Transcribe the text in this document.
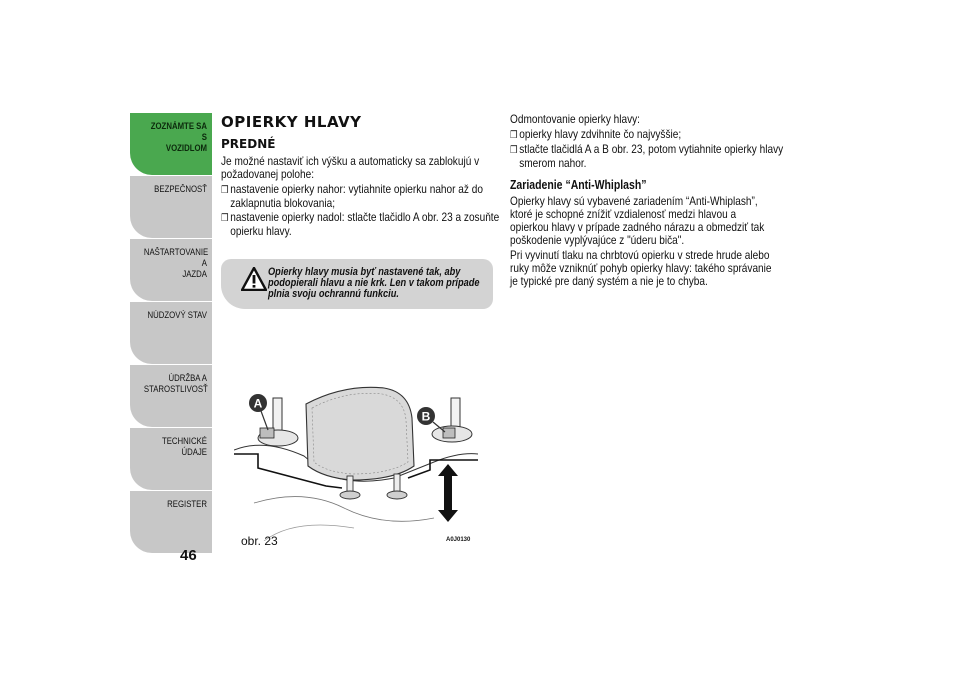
ZOZNÁMTE SA S
VOZIDLOM
BEZPEČNOSŤ
NAŠTARTOVANIE A
JAZDA
NÚDZOVÝ STAV
ÚDRŽBA A
STAROSTLIVOSŤ
TECHNICKÉ ÚDAJE
REGISTER
46
OPIERKY HLAVY
PREDNÉ

Je možné nastaviť ich výšku a automaticky sa zablokujú v požadovanej polohe:

❒ nastavenie opierky nahor: vytiahnite opierku nahor až do zaklapnutia blokovania;
❒ nastavenie opierky nadol: stlačte tlačidlo A obr. 23 a zosuňte opierku hlavy.
Opierky hlavy musia byť nastavené tak, aby podopierali hlavu a nie krk. Len v takom prípade plnia svoju ochrannú funkciu.

Odmontovanie opierky hlavy:

❒ opierky hlavy zdvihnite čo najvyššie;
❒ stlačte tlačidlá A a B obr. 23, potom vytiahnite opierky hlavy smerom nahor.
Zariadenie “Anti-Whiplash”

Opierky hlavy sú vybavené zariadením “Anti-Whiplash”, ktoré je schopné znížiť vzdialenosť medzi hlavou a opierkou hlavy v prípade zadného nárazu a obmedziť tak poškodenie vyplývajúce z "úderu biča".

Pri vyvinutí tlaku na chrbtovú opierku v strede hrude alebo ruky môže vzniknúť pohyb opierky hlavy: takého správanie je typické pre daný systém a nie je to chyba.

A
B
obr. 23	A0J0130
